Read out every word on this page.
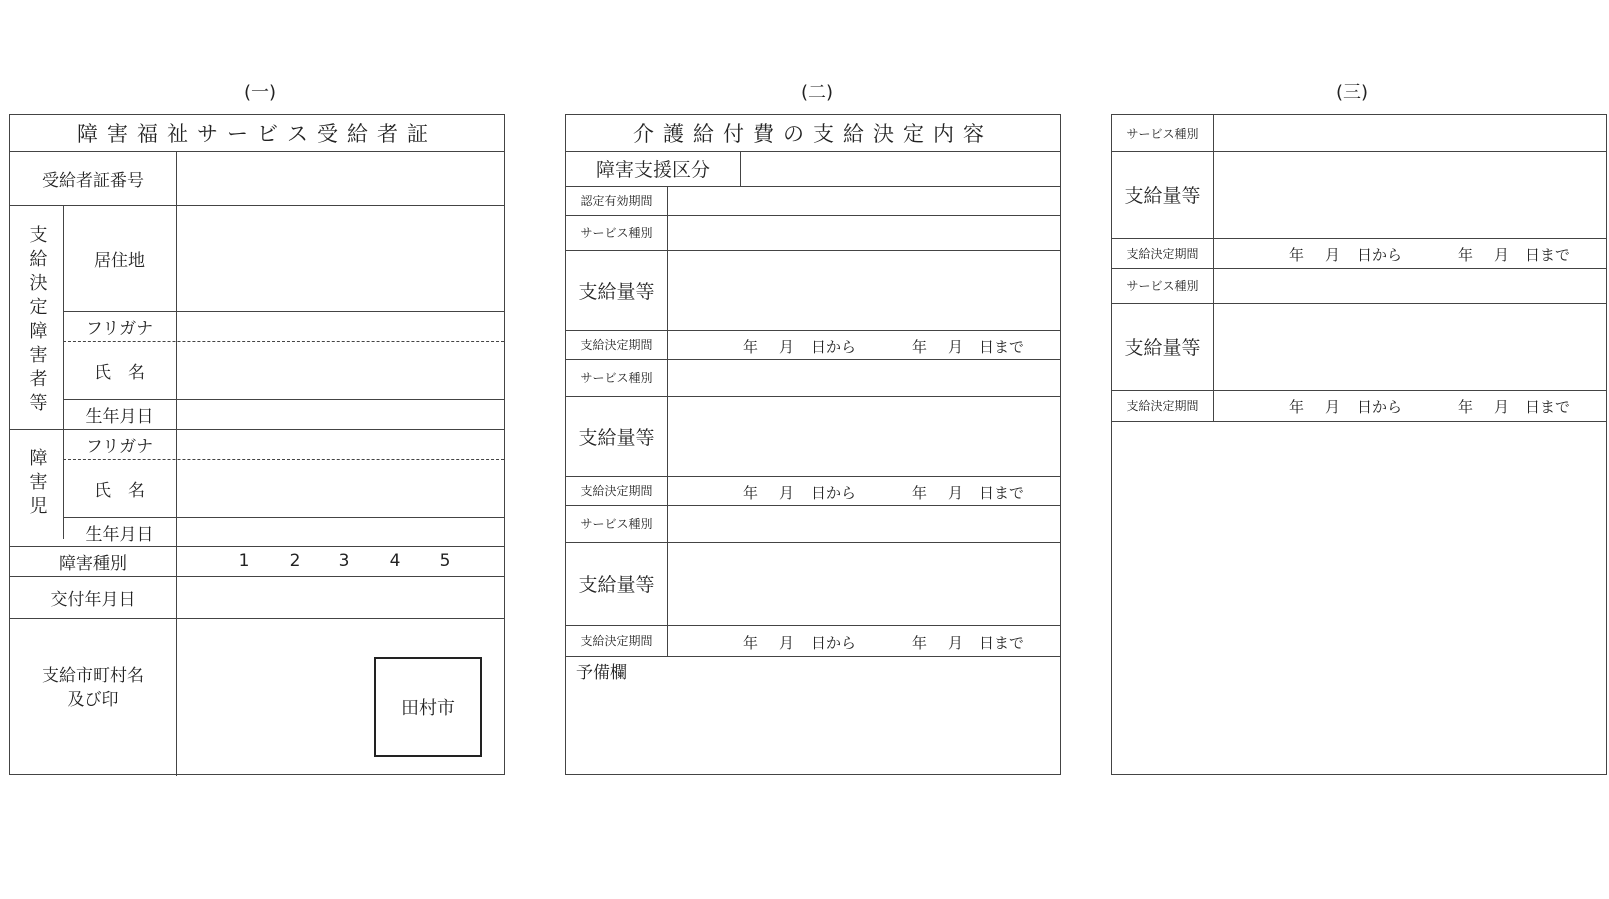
(一)	(二)	(三)
障害福祉サービス受給者証
受給者証番号
支給決定障害者等	居住地
フリガナ
氏　名
生年月日
障害児
フリガナ
氏　名
生年月日
障害種別	1 2 3 4 5
交付年月日
支給市町村名
及び印	田村市
介護給付費の支給決定内容
障害支援区分
認定有効期間
サービス種別
支給量等
支給決定期間	年 月 日から	年 月 日まで
サービス種別
支給量等
支給決定期間	年 月 日から	年 月 日まで
サービス種別
支給量等
支給決定期間	年 月 日から	年 月 日まで
予備欄
サービス種別
支給量等
支給決定期間	年 月 日から	年 月 日まで
サービス種別
支給量等
支給決定期間	年 月 日から	年 月 日まで
